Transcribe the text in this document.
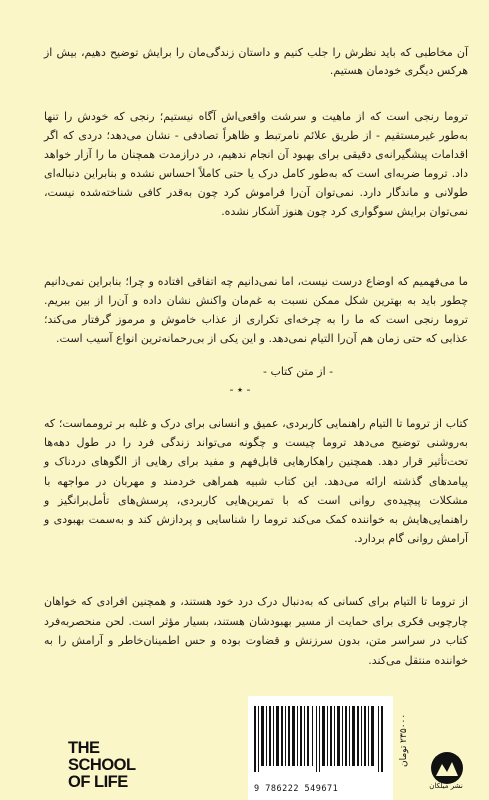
آن مخاطبی که باید نظرش را جلب کنیم و داستان زندگی‌مان را برایش توضیح دهیم، بیش از هرکس دیگری خودمان هستیم.

تروما رنجی است که از ماهیت و سرشت واقعی‌اش آگاه نیستیم؛ رنجی که خودش را تنها به‌طور غیرمستقیم - از طریق علائم نامرتبط و ظاهراً تصادفی - نشان می‌دهد؛ دردی که اگر اقدامات پیشگیرانه‌ی دقیقی برای بهبود آن انجام ندهیم، در درازمدت همچنان ما را آزار خواهد داد. تروما ضربه‌ای است که به‌طور کامل درک یا حتی کاملاً احساس نشده و بنابراین دنباله‌ای طولانی و ماندگار دارد. نمی‌توان آن‌را فراموش کرد چون به‌قدر کافی شناخته‌شده نیست، نمی‌توان برایش سوگواری کرد چون هنوز آشکار نشده.

ما می‌فهمیم که اوضاع درست نیست، اما نمی‌دانیم چه اتفاقی افتاده و چرا؛ بنابراین نمی‌دانیم چطور باید به بهترین شکل ممکن نسبت به غم‌مان واکنش نشان داده و آن‌را از بین ببریم. تروما رنجی است که ما را به چرخه‌ای تکراری از عذاب خاموش و مرموز گرفتار می‌کند؛ عذابی که حتی زمان هم آن‌را التیام نمی‌دهد. و این یکی از بی‌رحمانه‌ترین انواع آسیب است.

- از متن کتاب -
- ٭ -

کتاب از تروما تا التیام راهنمایی کاربردی، عمیق و انسانی برای درک و غلبه بر ترومماست؛ که به‌روشنی توضیح می‌دهد تروما چیست و چگونه می‌تواند زندگی فرد را در طول دهه‌ها تحت‌تأثیر قرار دهد. همچنین راهکارهایی قابل‌فهم و مفید برای رهایی از الگوهای دردناک و پیامدهای گذشته ارائه می‌دهد. این کتاب شبیه همراهی خردمند و مهربان در مواجهه با مشکلات پیچیده‌ی روانی است که با تمرین‌هایی کاربردی، پرسش‌های تأمل‌برانگیز و راهنمایی‌هایش به خواننده کمک می‌کند تروما را شناسایی و پردازش کند و به‌سمت بهبودی و آرامش روانی گام بردارد.

از تروما تا التیام برای کسانی که به‌دنبال درک درد خود هستند، و همچنین افرادی که خواهان چارچوبی فکری برای حمایت از مسیر بهبودشان هستند، بسیار مؤثر است. لحن منحصربه‌فرد کتاب در سراسر متن، بدون سرزنش و قضاوت بوده و حس اطمینان‌خاطر و آرامش را به خواننده منتقل می‌کند.

THE
SCHOOL
OF LIFE	9 786222 549671
۲۳۵۰۰۰ تومان
نشر میلکان
